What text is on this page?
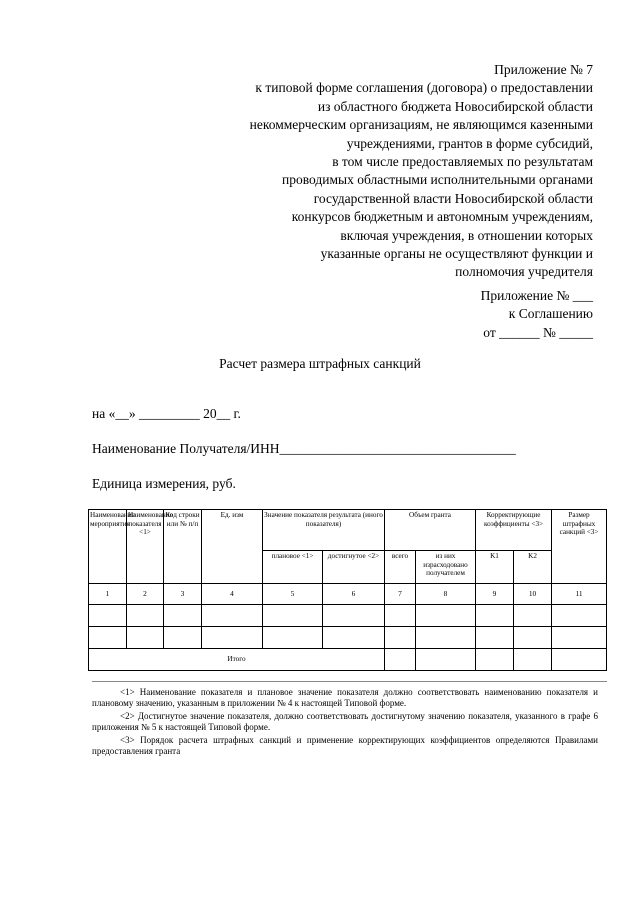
Приложение № 7
к типовой форме соглашения (договора) о предоставлении
из областного бюджета Новосибирской области
некоммерческим организациям, не являющимся казенными
учреждениями, грантов в форме субсидий,
в том числе предоставляемых по результатам
проводимых областными исполнительными органами
государственной власти Новосибирской области
конкурсов бюджетным и автономным учреждениям,
включая учреждения, в отношении которых
указанные органы не осуществляют функции и
полномочия учредителя
Приложение № ___
к Соглашению
от ______ № _____
Расчет размера штрафных санкций
на «__» _________ 20__ г.
Наименование Получателя/ИНН___________________________________
Единица измерения, руб.
Наименование мероприятия	Наименование показателя <1>	Код строки или № п/п	Ед. изм	Значение показателя результата (иного показателя)		Объем гранта		Корректирующие коэффициенты <3>		Размер штрафных санкций <3>
				плановое <1>	достигнутое <2>	всего	из них израсходовано получателем	K1	K2	
1	2	3	4	5	6	7	8	9	10	11

Итого										

<1> Наименование показателя и плановое значение показателя должно соответствовать наименованию показателя и плановому значению, указанным в приложении № 4 к настоящей Типовой форме.

<2> Достигнутое значение показателя, должно соответствовать достигнутому значению показателя, указанного в графе 6 приложения № 5 к настоящей Типовой форме.

<3> Порядок расчета штрафных санкций и применение корректирующих коэффициентов определяются Правилами предоставления гранта
